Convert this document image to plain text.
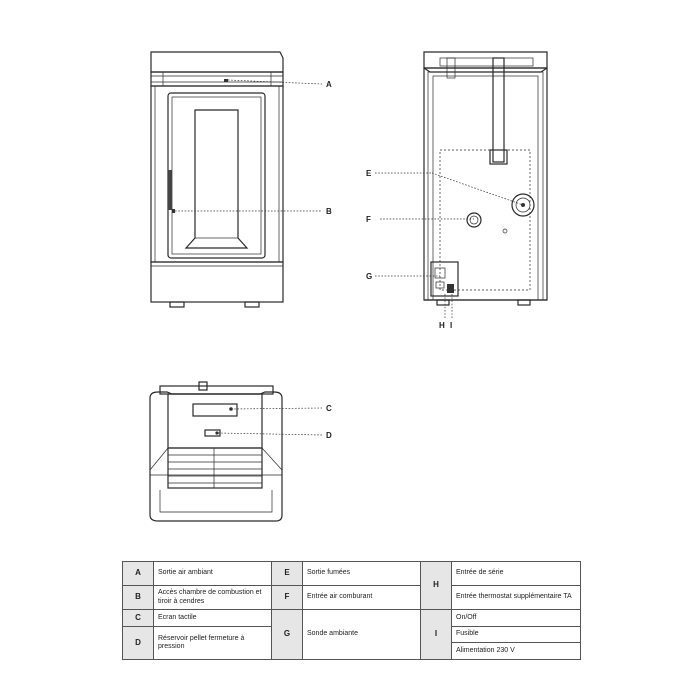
A
B
C
D
E
F
G
H I
A	Sortie air ambiant	E	Sortie fumées	H	Entrée de série
B	Accès chambre de combustion et tiroir à cendres	F	Entrée air comburant		Entrée thermostat supplémentaire TA
C	Ecran tactile	G	Sonde ambiante	I	On/Off
D	Réservoir pellet fermeture à pression				Fusible
					Alimentation 230 V
